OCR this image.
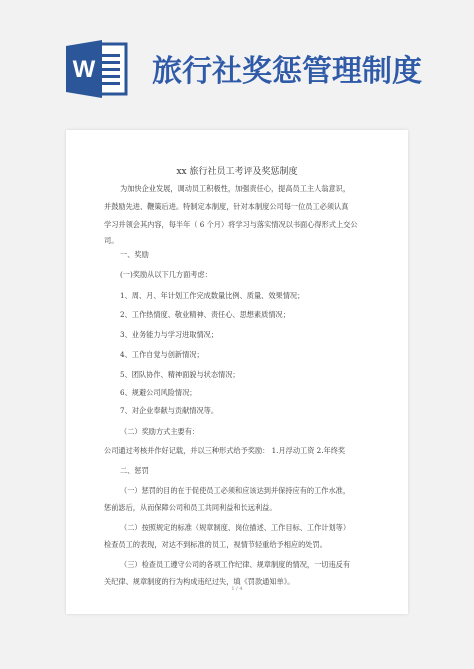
W 旅行社奖惩管理制度
xx 旅行社员工考评及奖惩制度
为加快企业发展，调动员工积极性，加强责任心，提高员工主人翁意识，
并鼓励先进、鞭策后进。特制定本制度，针对本制度公司每一位员工必须认真
学习并领会其内容，每半年（ 6 个月）将学习与落实情况以书面心得形式上交公
司。
一、奖励
(一)奖励从以下几方面考虑：
1、周、月、年计划工作完成数量比例、质量、效果情况；
2、工作热情度、敬业精神、责任心、思想素质情况；
3、业务能力与学习进取情况；
4、工作自觉与创新情况；
5、团队协作、精神面貌与状态情况；
6、规避公司风险情况；
7、对企业奉献与贡献情况等。
（二）奖励方式主要有：
公司通过考核并作好记载，并以三种形式给予奖励： 1.月浮动工资 2.年终奖
二、惩罚
（一）惩罚的目的在于促使员工必须和应该达到并保持应有的工作水准，
惩前毖后，从而保障公司和员工共同利益和长远利益。
（二）按照规定的标准（规章制度、岗位描述、工作目标、工作计划等）
检查员工的表现，对达不到标准的员工，视情节轻重给予相应的处罚。
（三）检查员工遵守公司的各项工作纪律、规章制度的情况，一切违反有
关纪律、规章制度的行为构成违纪过失，填《罚款通知单》。
1 / 4
